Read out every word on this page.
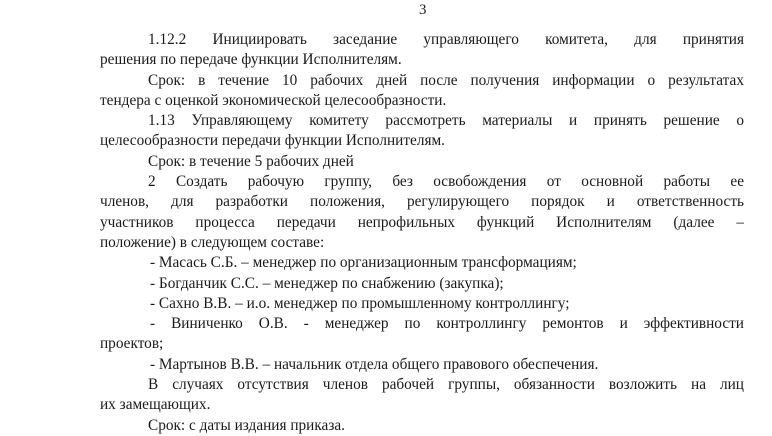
3
1.12.2 Инициировать заседание управляющего комитета, для принятия
решения по передаче функции Исполнителям.
Срок: в течение 10 рабочих дней после получения информации о результатах
тендера с оценкой экономической целесообразности.
1.13 Управляющему комитету рассмотреть материалы и принять решение о
целесообразности передачи функции Исполнителям.
Срок: в течение 5 рабочих дней
2 Создать рабочую группу, без освобождения от основной работы ее
членов, для разработки положения, регулирующего порядок и ответственность
участников процесса передачи непрофильных функций Исполнителям (далее –
положение) в следующем составе:
- Масась С.Б. – менеджер по организационным трансформациям;
- Богданчик С.С. – менеджер по снабжению (закупка);
- Сахно В.В. – и.о. менеджер по промышленному контроллингу;
- Виниченко О.В. - менеджер по контроллингу ремонтов и эффективности
проектов;
- Мартынов В.В. – начальник отдела общего правового обеспечения.
В случаях отсутствия членов рабочей группы, обязанности возложить на лиц
их замещающих.
Срок: с даты издания приказа.
